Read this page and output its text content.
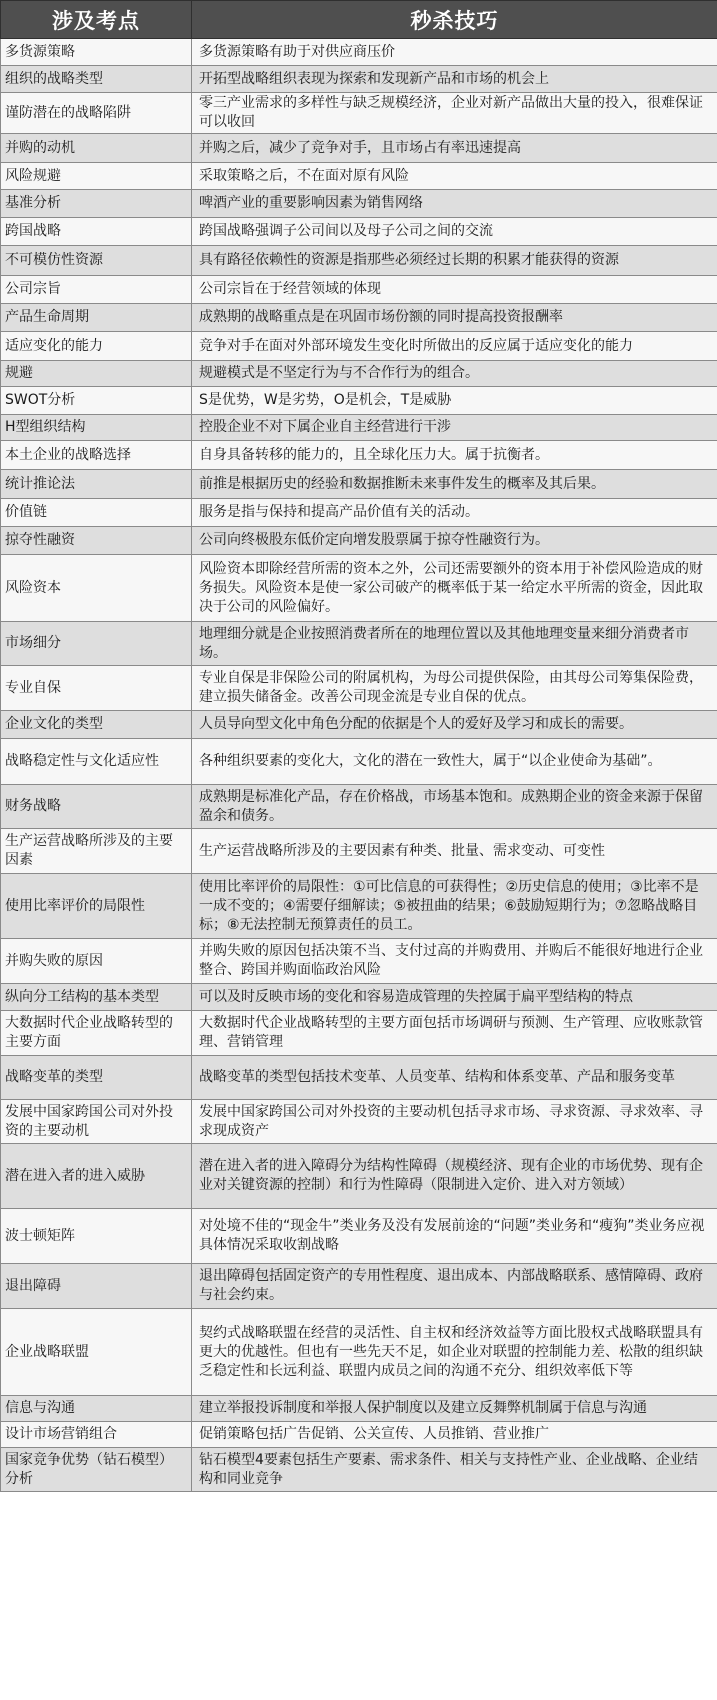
涉及考点	秒杀技巧
多货源策略	多货源策略有助于对供应商压价
组织的战略类型	开拓型战略组织表现为探索和发现新产品和市场的机会上
谨防潜在的战略陷阱	零三产业需求的多样性与缺乏规模经济，企业对新产品做出大量的投入，很难保证可以收回
并购的动机	并购之后，减少了竞争对手，且市场占有率迅速提高
风险规避	采取策略之后，不在面对原有风险
基准分析	啤酒产业的重要影响因素为销售网络
跨国战略	跨国战略强调子公司间以及母子公司之间的交流
不可模仿性资源	具有路径依赖性的资源是指那些必须经过长期的积累才能获得的资源
公司宗旨	公司宗旨在于经营领域的体现
产品生命周期	成熟期的战略重点是在巩固市场份额的同时提高投资报酬率
适应变化的能力	竞争对手在面对外部环境发生变化时所做出的反应属于适应变化的能力
规避	规避模式是不坚定行为与不合作行为的组合。
SWOT分析	S是优势，W是劣势，O是机会，T是威胁
H型组织结构	控股企业不对下属企业自主经营进行干涉
本土企业的战略选择	自身具备转移的能力的，且全球化压力大。属于抗衡者。
统计推论法	前推是根据历史的经验和数据推断未来事件发生的概率及其后果。
价值链	服务是指与保持和提高产品价值有关的活动。
掠夺性融资	公司向终极股东低价定向增发股票属于掠夺性融资行为。
风险资本	风险资本即除经营所需的资本之外，公司还需要额外的资本用于补偿风险造成的财务损失。风险资本是使一家公司破产的概率低于某一给定水平所需的资金，因此取决于公司的风险偏好。
市场细分	地理细分就是企业按照消费者所在的地理位置以及其他地理变量来细分消费者市场。
专业自保	专业自保是非保险公司的附属机构，为母公司提供保险，由其母公司筹集保险费，建立损失储备金。改善公司现金流是专业自保的优点。
企业文化的类型	人员导向型文化中角色分配的依据是个人的爱好及学习和成长的需要。
战略稳定性与文化适应性	各种组织要素的变化大，文化的潜在一致性大，属于“以企业使命为基础”。
财务战略	成熟期是标准化产品，存在价格战，市场基本饱和。成熟期企业的资金来源于保留盈余和债务。
生产运营战略所涉及的主要因素	生产运营战略所涉及的主要因素有种类、批量、需求变动、可变性
使用比率评价的局限性	使用比率评价的局限性：①可比信息的可获得性；②历史信息的使用；③比率不是一成不变的；④需要仔细解读；⑤被扭曲的结果；⑥鼓励短期行为；⑦忽略战略目标；⑧无法控制无预算责任的员工。
并购失败的原因	并购失败的原因包括决策不当、支付过高的并购费用、并购后不能很好地进行企业整合、跨国并购面临政治风险
纵向分工结构的基本类型	可以及时反映市场的变化和容易造成管理的失控属于扁平型结构的特点
大数据时代企业战略转型的主要方面	大数据时代企业战略转型的主要方面包括市场调研与预测、生产管理、应收账款管理、营销管理
战略变革的类型	战略变革的类型包括技术变革、人员变革、结构和体系变革、产品和服务变革
发展中国家跨国公司对外投资的主要动机	发展中国家跨国公司对外投资的主要动机包括寻求市场、寻求资源、寻求效率、寻求现成资产
潜在进入者的进入威胁	潜在进入者的进入障碍分为结构性障碍（规模经济、现有企业的市场优势、现有企业对关键资源的控制）和行为性障碍（限制进入定价、进入对方领域）
波士顿矩阵	对处境不佳的“现金牛”类业务及没有发展前途的“问题”类业务和“瘦狗”类业务应视具体情况采取收割战略
退出障碍	退出障碍包括固定资产的专用性程度、退出成本、内部战略联系、感情障碍、政府与社会约束。
企业战略联盟	契约式战略联盟在经营的灵活性、自主权和经济效益等方面比股权式战略联盟具有更大的优越性。但也有一些先天不足，如企业对联盟的控制能力差、松散的组织缺乏稳定性和长远利益、联盟内成员之间的沟通不充分、组织效率低下等
信息与沟通	建立举报投诉制度和举报人保护制度以及建立反舞弊机制属于信息与沟通
设计市场营销组合	促销策略包括广告促销、公关宣传、人员推销、营业推广
国家竞争优势（钻石模型）分析	钻石模型4要素包括生产要素、需求条件、相关与支持性产业、企业战略、企业结构和同业竞争
